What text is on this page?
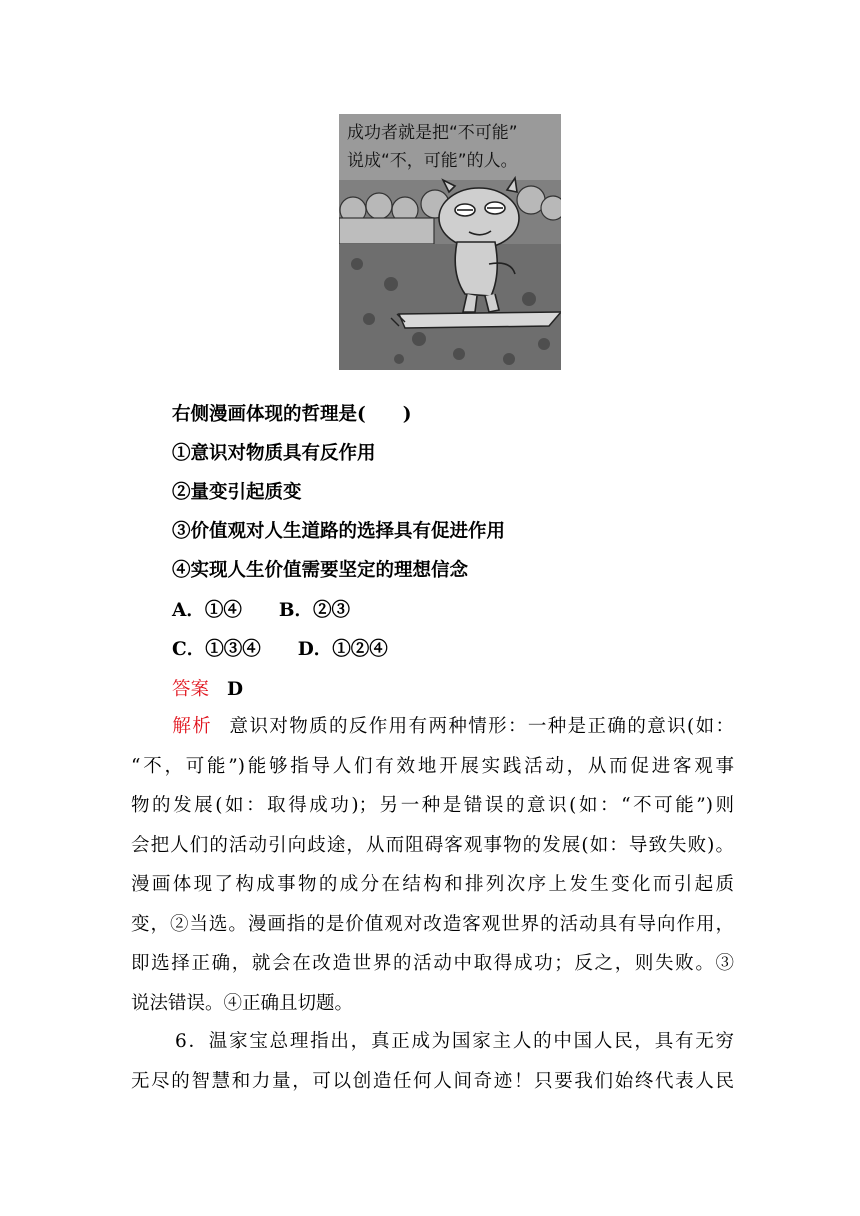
成功者就是把“不可能”
说成“不，可能”的人。
右侧漫画体现的哲理是(　　)
①意识对物质具有反作用
②量变引起质变
③价值观对人生道路的选择具有促进作用
④实现人生价值需要坚定的理想信念
A．①④　　B．②③
C．①③④　　D．①②④
答案 D
解析 意识对物质的反作用有两种情形：一种是正确的意识(如：
“不，可能”)能够指导人们有效地开展实践活动，从而促进客观事
物的发展(如：取得成功)；另一种是错误的意识(如：“不可能”)则
会把人们的活动引向歧途，从而阻碍客观事物的发展(如：导致失败)。
漫画体现了构成事物的成分在结构和排列次序上发生变化而引起质
变，②当选。漫画指的是价值观对改造客观世界的活动具有导向作用，
即选择正确，就会在改造世界的活动中取得成功；反之，则失败。③
说法错误。④正确且切题。
6．温家宝总理指出，真正成为国家主人的中国人民，具有无穷
无尽的智慧和力量，可以创造任何人间奇迹！只要我们始终代表人民
